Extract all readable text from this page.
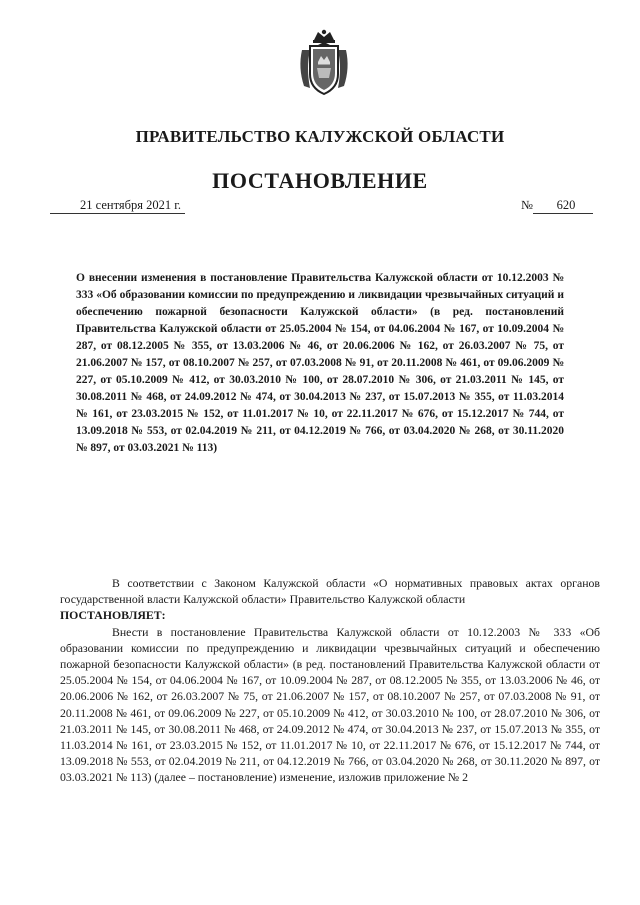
ПРАВИТЕЛЬСТВО КАЛУЖСКОЙ ОБЛАСТИ
ПОСТАНОВЛЕНИЕ
21 сентября 2021 г.	№ 620

О внесении изменения в постановление Правительства Калужской области от 10.12.2003 № 333 «Об образовании комиссии по предупреждению и ликвидации чрезвычайных ситуаций и обеспечению пожарной безопасности Калужской области» (в ред. постановлений Правительства Калужской области от 25.05.2004 № 154, от 04.06.2004 № 167, от 10.09.2004 № 287, от 08.12.2005 № 355, от 13.03.2006 № 46, от 20.06.2006 № 162, от 26.03.2007 № 75, от 21.06.2007 № 157, от 08.10.2007 № 257, от 07.03.2008 № 91, от 20.11.2008 № 461, от 09.06.2009 № 227, от 05.10.2009 № 412, от 30.03.2010 № 100, от 28.07.2010 № 306, от 21.03.2011 № 145, от 30.08.2011 № 468, от 24.09.2012 № 474, от 30.04.2013 № 237, от 15.07.2013 № 355, от 11.03.2014 № 161, от 23.03.2015 № 152, от 11.01.2017 № 10, от 22.11.2017 № 676, от 15.12.2017 № 744, от 13.09.2018 № 553, от 02.04.2019 № 211, от 04.12.2019 № 766, от 03.04.2020 № 268, от 30.11.2020 № 897, от 03.03.2021 № 113)

В соответствии с Законом Калужской области «О нормативных правовых актах органов государственной власти Калужской области» Правительство Калужской области
ПОСТАНОВЛЯЕТ:

Внести в постановление Правительства Калужской области от 10.12.2003 № 333 «Об образовании комиссии по предупреждению и ликвидации чрезвычайных ситуаций и обеспечению пожарной безопасности Калужской области» (в ред. постановлений Правительства Калужской области от 25.05.2004 № 154, от 04.06.2004 № 167, от 10.09.2004 № 287, от 08.12.2005 № 355, от 13.03.2006 № 46, от 20.06.2006 № 162, от 26.03.2007 № 75, от 21.06.2007 № 157, от 08.10.2007 № 257, от 07.03.2008 № 91, от 20.11.2008 № 461, от 09.06.2009 № 227, от 05.10.2009 № 412, от 30.03.2010 № 100, от 28.07.2010 № 306, от 21.03.2011 № 145, от 30.08.2011 № 468, от 24.09.2012 № 474, от 30.04.2013 № 237, от 15.07.2013 № 355, от 11.03.2014 № 161, от 23.03.2015 № 152, от 11.01.2017 № 10, от 22.11.2017 № 676, от 15.12.2017 № 744, от 13.09.2018 № 553, от 02.04.2019 № 211, от 04.12.2019 № 766, от 03.04.2020 № 268, от 30.11.2020 № 897, от 03.03.2021 № 113) (далее – постановление) изменение, изложив приложение № 2
